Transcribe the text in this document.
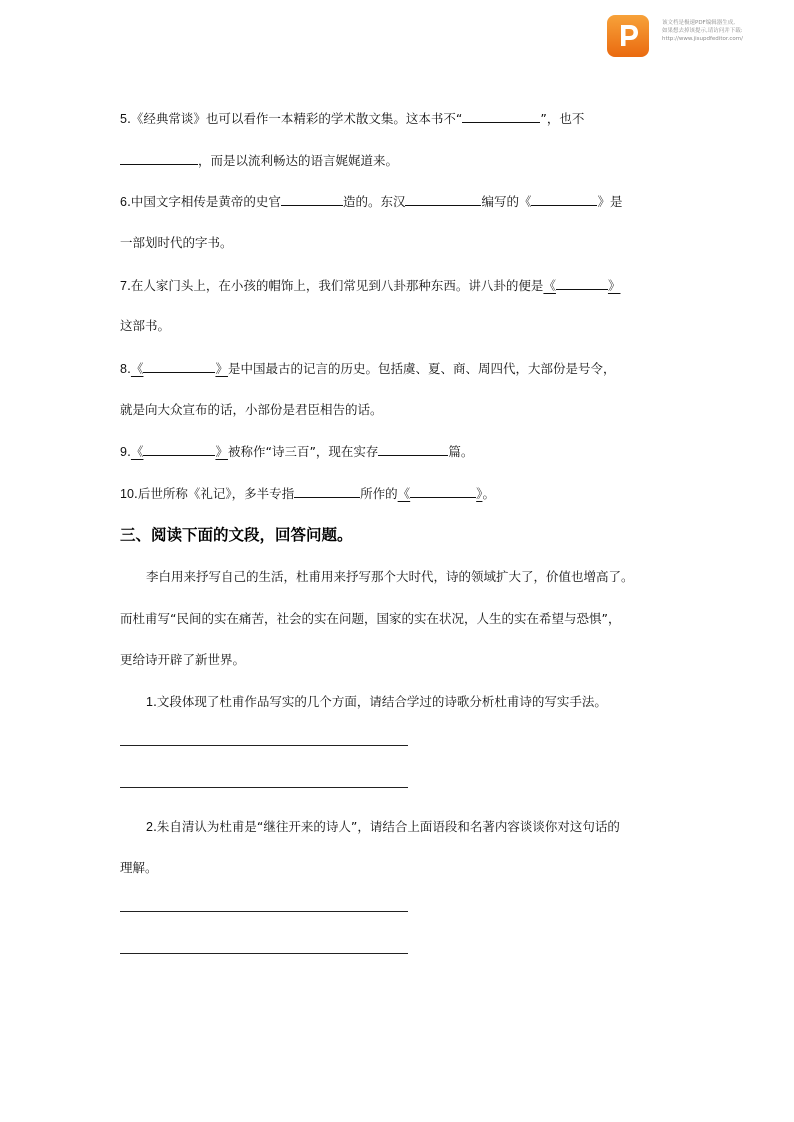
该文档是极速PDF编辑器生成,
如果想去掉该提示,请访问并下载:
http://www.jisupdfeditor.com/
5.《经典常谈》也可以看作一本精彩的学术散文集。这本书不“	”，也不
，而是以流利畅达的语言娓娓道来。
6.中国文字相传是黄帝的史官	造的。东汉	编写的《	》是
一部划时代的字书。
7.在人家门头上，在小孩的帽饰上，我们常见到八卦那种东西。讲八卦的便是《	》
这部书。
8.《	》是中国最古的记言的历史。包括虞、夏、商、周四代，大部份是号令，
就是向大众宣布的话，小部份是君臣相告的话。
9.《	》被称作“诗三百”，现在实存	篇。
10.后世所称《礼记》，多半专指	所作的《	》。
三、阅读下面的文段，回答问题。
李白用来抒写自己的生活，杜甫用来抒写那个大时代，诗的领域扩大了，价值也增高了。
而杜甫写“民间的实在痛苦，社会的实在问题，国家的实在状况，人生的实在希望与恐惧”，
更给诗开辟了新世界。
1.文段体现了杜甫作品写实的几个方面，请结合学过的诗歌分析杜甫诗的写实手法。
2.朱自清认为杜甫是“继往开来的诗人”，请结合上面语段和名著内容谈谈你对这句话的
理解。
